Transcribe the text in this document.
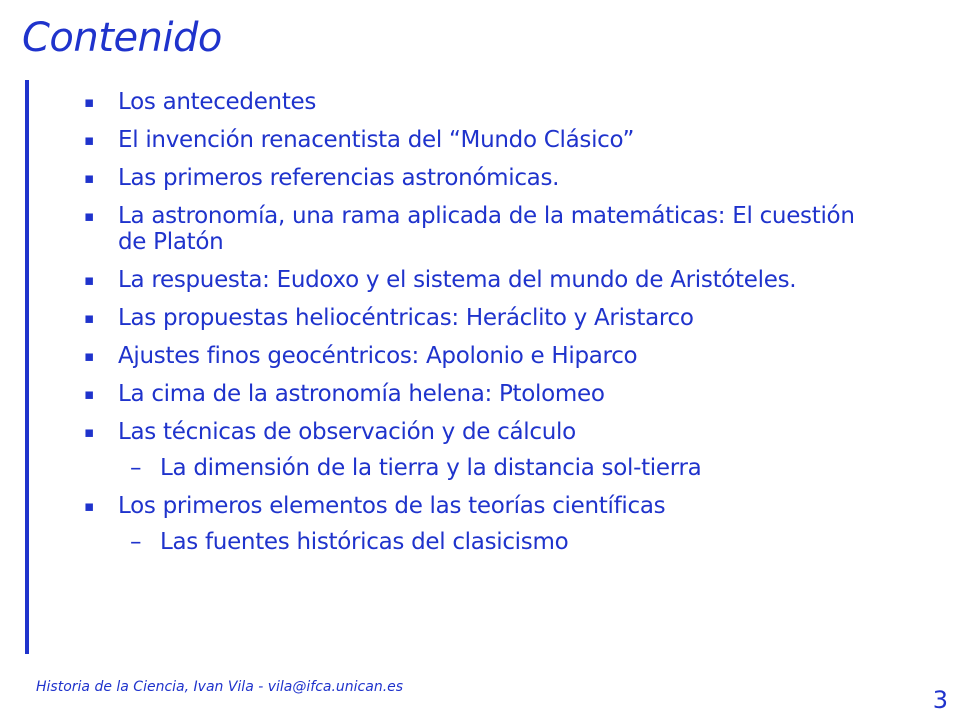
Contenido
▪ Los antecedentes
▪ El invención renacentista del “Mundo Clásico”
▪ Las primeros referencias astronómicas.
▪ La astronomía, una rama aplicada de la matemáticas: El cuestión de Platón
▪ La respuesta: Eudoxo y el sistema del mundo de Aristóteles.
▪ Las propuestas heliocéntricas: Heráclito y Aristarco
▪ Ajustes finos geocéntricos: Apolonio e Hiparco
▪ La cima de la astronomía helena: Ptolomeo
▪ Las técnicas de observación y de cálculo
– La dimensión de la tierra y la distancia sol-tierra
▪ Los primeros elementos de las teorías científicas
– Las fuentes históricas del clasicismo
Historia de la Ciencia, Ivan Vila - vila@ifca.unican.es	3
